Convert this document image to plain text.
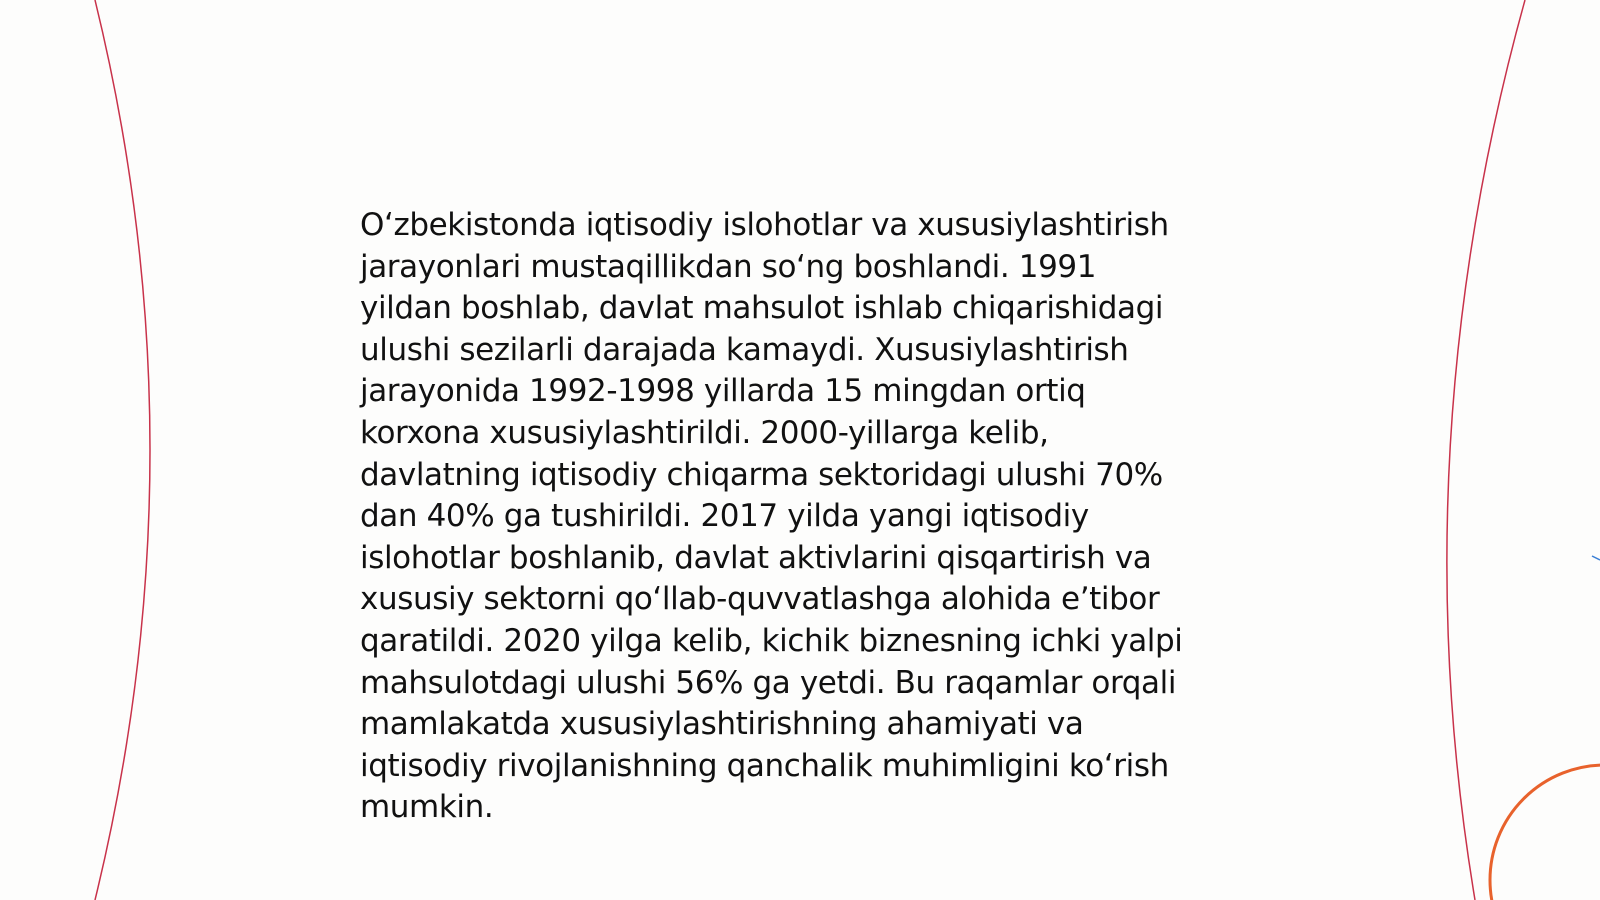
O‘zbekistonda iqtisodiy islohotlar va xususiylashtirish
jarayonlari mustaqillikdan so‘ng boshlandi. 1991
yildan boshlab, davlat mahsulot ishlab chiqarishidagi
ulushi sezilarli darajada kamaydi. Xususiylashtirish
jarayonida 1992-1998 yillarda 15 mingdan ortiq
korxona xususiylashtirildi. 2000-yillarga kelib,
davlatning iqtisodiy chiqarma sektoridagi ulushi 70%
dan 40% ga tushirildi. 2017 yilda yangi iqtisodiy
islohotlar boshlanib, davlat aktivlarini qisqartirish va
xususiy sektorni qo‘llab-quvvatlashga alohida e’tibor
qaratildi. 2020 yilga kelib, kichik biznesning ichki yalpi
mahsulotdagi ulushi 56% ga yetdi. Bu raqamlar orqali
mamlakatda xususiylashtirishning ahamiyati va
iqtisodiy rivojlanishning qanchalik muhimligini ko‘rish
mumkin.
